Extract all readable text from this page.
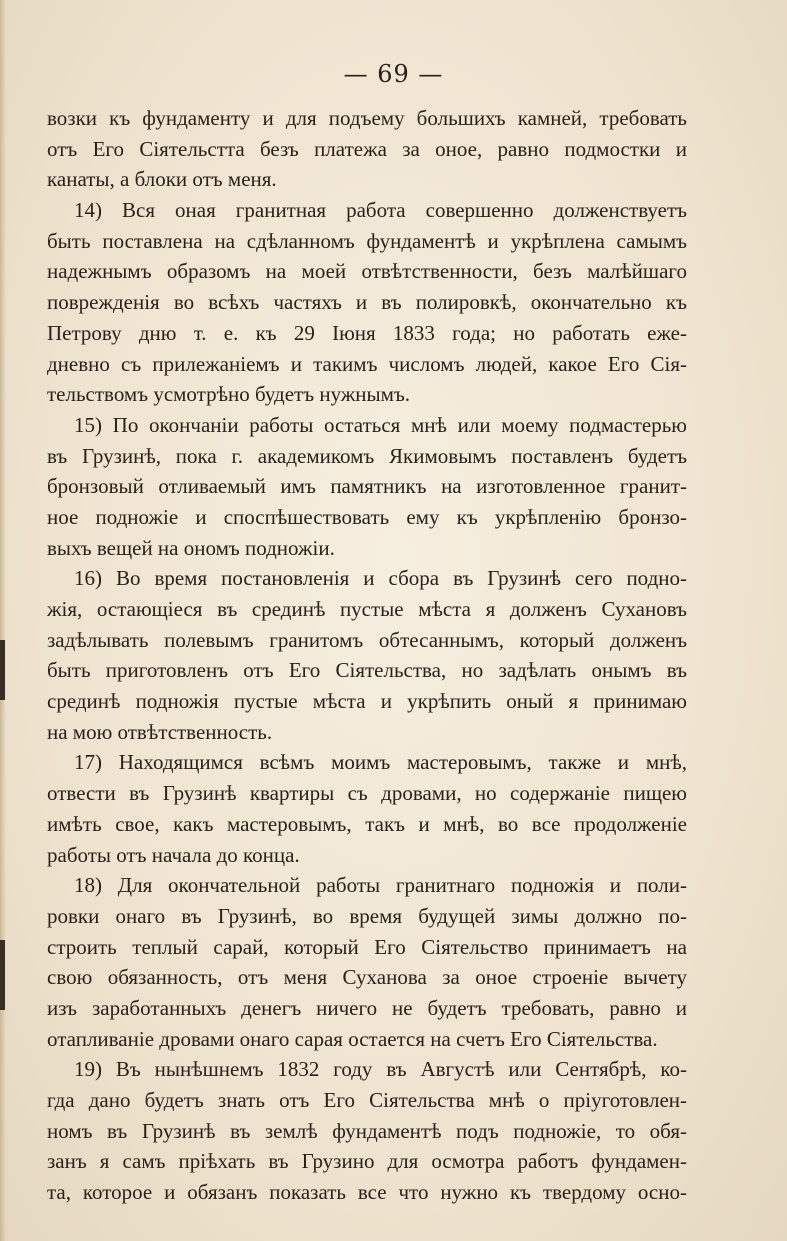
— 69 —
возки къ фундаменту и для подъему большихъ камней, требовать
отъ Его Сіятельстта безъ платежа за оное, равно подмостки и
канаты, а блоки отъ меня.
14) Вся оная гранитная работа совершенно долженствуетъ
быть поставлена на сдѣланномъ фундаментѣ и укрѣплена самымъ
надежнымъ образомъ на моей отвѣтственности, безъ малѣйшаго
поврежденія во всѣхъ частяхъ и въ полировкѣ, окончательно къ
Петрову дню т. е. къ 29 Іюня 1833 года; но работать еже-
дневно съ прилежаніемъ и такимъ числомъ людей, какое Его Сія-
тельствомъ усмотрѣно будетъ нужнымъ.
15) По окончаніи работы остаться мнѣ или моему подмастерью
въ Грузинѣ, пока г. академикомъ Якимовымъ поставленъ будетъ
бронзовый отливаемый имъ памятникъ на изготовленное гранит-
ное подножіе и споспѣшествовать ему къ укрѣпленію бронзо-
выхъ вещей на ономъ подножіи.
16) Во время постановленія и сбора въ Грузинѣ сего подно-
жія, остающіеся въ срединѣ пустые мѣста я долженъ Сухановъ
задѣлывать полевымъ гранитомъ обтесаннымъ, который долженъ
быть приготовленъ отъ Его Сіятельства, но задѣлать онымъ въ
срединѣ подножія пустые мѣста и укрѣпить оный я принимаю
на мою отвѣтственность.
17) Находящимся всѣмъ моимъ мастеровымъ, также и мнѣ,
отвести въ Грузинѣ квартиры съ дровами, но содержаніе пищею
имѣть свое, какъ мастеровымъ, такъ и мнѣ, во все продолженіе
работы отъ начала до конца.
18) Для окончательной работы гранитнаго подножія и поли-
ровки онаго въ Грузинѣ, во время будущей зимы должно по-
строить теплый сарай, который Его Сіятельство принимаетъ на
свою обязанность, отъ меня Суханова за оное строеніе вычету
изъ заработанныхъ денегъ ничего не будетъ требовать, равно и
отапливаніе дровами онаго сарая остается на счетъ Его Сіятельства.
19) Въ нынѣшнемъ 1832 году въ Августѣ или Сентябрѣ, ко-
гда дано будетъ знать отъ Его Сіятельства мнѣ о пріуготовлен-
номъ въ Грузинѣ въ землѣ фундаментѣ подъ подножіе, то обя-
занъ я самъ пріѣхать въ Грузино для осмотра работъ фундамен-
та, которое и обязанъ показать все что нужно къ твердому осно-
